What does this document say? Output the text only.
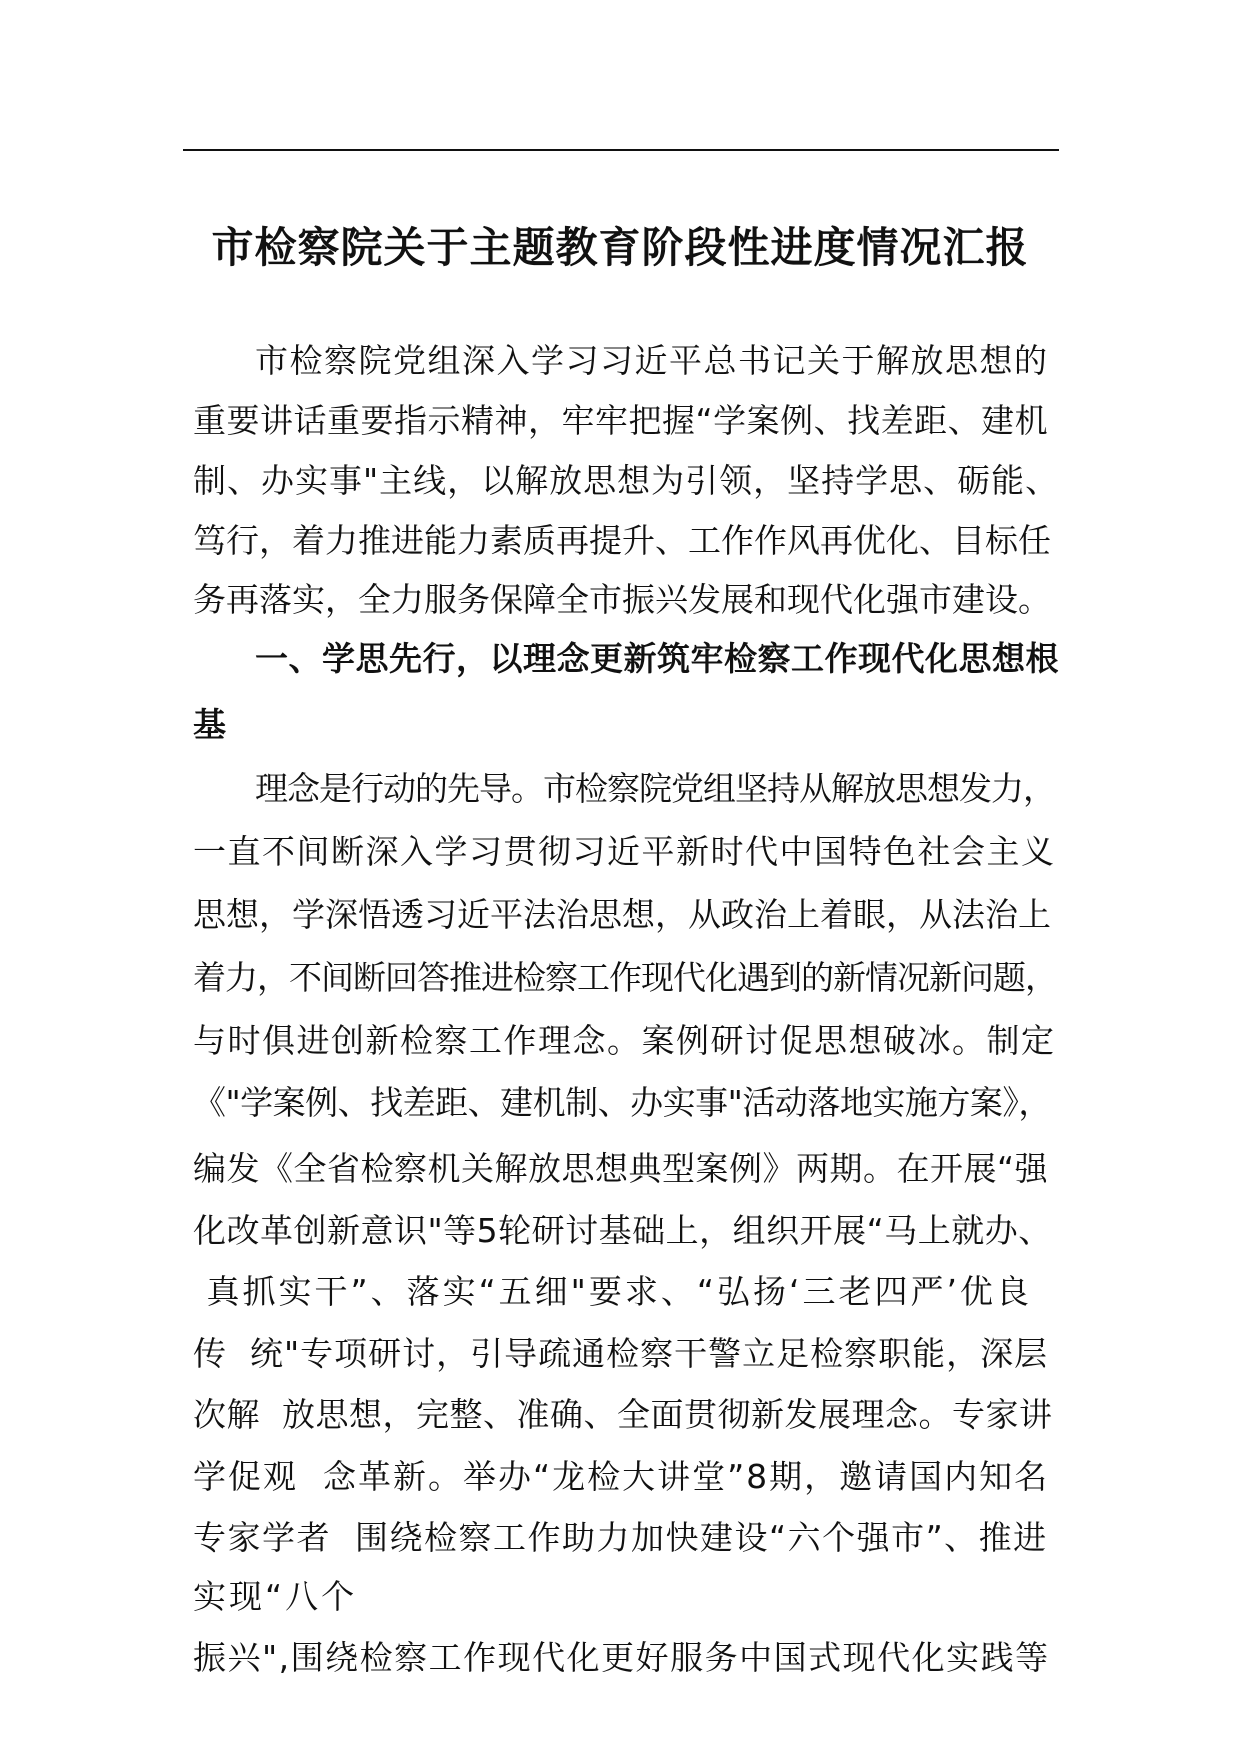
市检察院关于主题教育阶段性进度情况汇报
市检察院党组深入学习习近平总书记关于解放思想的
重要讲话重要指示精神，牢牢把握“学案例、找差距、建机
制、办实事"主线，以解放思想为引领，坚持学思、砺能、
笃行，着力推进能力素质再提升、工作作风再优化、目标任
务再落实，全力服务保障全市振兴发展和现代化强市建设。
一、学思先行，以理念更新筑牢检察工作现代化思想根
基
理念是行动的先导。市检察院党组坚持从解放思想发力，
一直不间断深入学习贯彻习近平新时代中国特色社会主义
思想，学深悟透习近平法治思想，从政治上着眼，从法治上
着力，不间断回答推进检察工作现代化遇到的新情况新问题，
与时俱进创新检察工作理念。案例研讨促思想破冰。制定
《"学案例、找差距、建机制、办实事"活动落地实施方案》，
编发《全省检察机关解放思想典型案例》两期。在开展“强
化改革创新意识"等5轮研讨基础上，组织开展“马上就办、
真抓实干”、落实“五细"要求、“弘扬‘三老四严’优良
传  统"专项研讨，引导疏通检察干警立足检察职能，深层
次解  放思想，完整、准确、全面贯彻新发展理念。专家讲
学促观  念革新。举办“龙检大讲堂”8期，邀请国内知名
专家学者  围绕检察工作助力加快建设“六个强市”、推进
实现“八个
振兴",围绕检察工作现代化更好服务中国式现代化实践等
